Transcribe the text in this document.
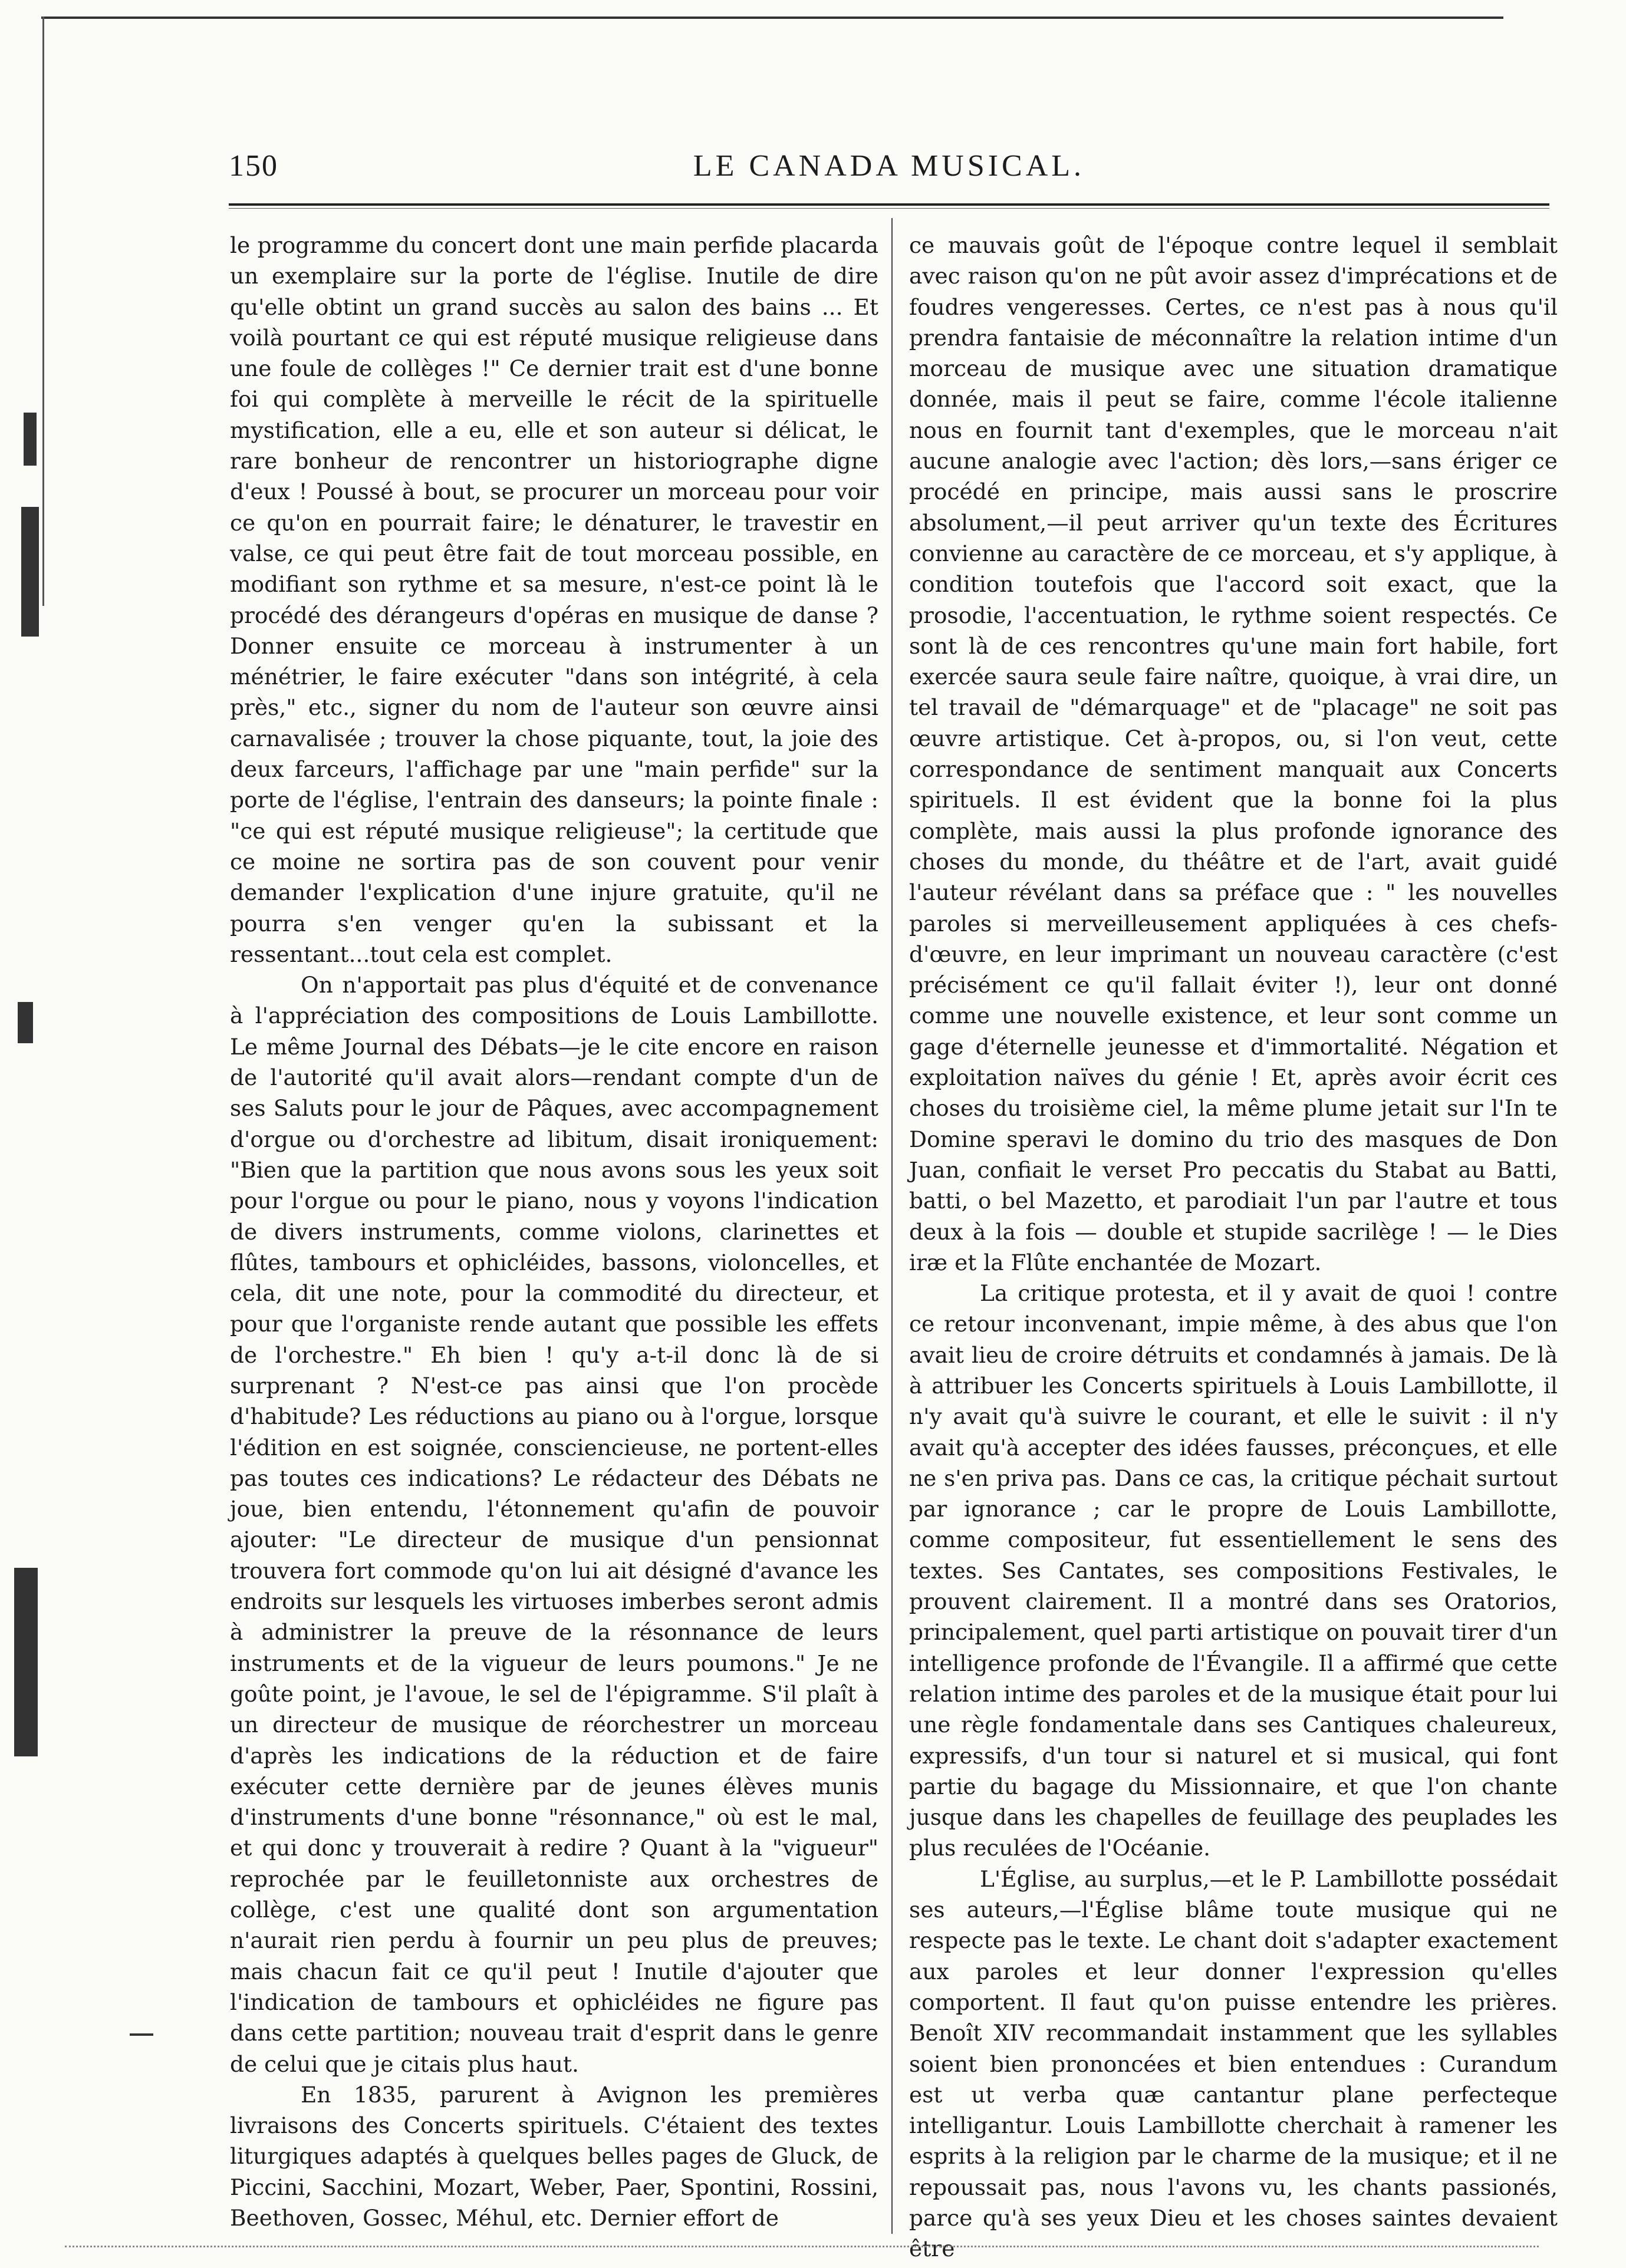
150	LE CANADA MUSICAL.

le programme du concert dont une main perfide placarda un exemplaire sur la porte de l'église. Inutile de dire qu'elle obtint un grand succès au salon des bains ... Et voilà pourtant ce qui est réputé musique religieuse dans une foule de collèges !" Ce dernier trait est d'une bonne foi qui complète à merveille le récit de la spirituelle mystification, elle a eu, elle et son auteur si délicat, le rare bonheur de rencontrer un historiographe digne d'eux ! Poussé à bout, se procurer un morceau pour voir ce qu'on en pourrait faire; le dénaturer, le travestir en valse, ce qui peut être fait de tout morceau possible, en modifiant son rythme et sa mesure, n'est-ce point là le procédé des dérangeurs d'opéras en musique de danse ? Donner ensuite ce morceau à instrumenter à un ménétrier, le faire exécuter "dans son intégrité, à cela près," etc., signer du nom de l'auteur son œuvre ainsi carnavalisée ; trouver la chose piquante, tout, la joie des deux farceurs, l'affichage par une "main perfide" sur la porte de l'église, l'entrain des danseurs; la pointe finale : "ce qui est réputé musique religieuse"; la certitude que ce moine ne sortira pas de son couvent pour venir demander l'explication d'une injure gratuite, qu'il ne pourra s'en venger qu'en la subissant et la ressentant...tout cela est complet.

On n'apportait pas plus d'équité et de convenance à l'appréciation des compositions de Louis Lambillotte. Le même Journal des Débats—je le cite encore en raison de l'autorité qu'il avait alors—rendant compte d'un de ses Saluts pour le jour de Pâques, avec accompagnement d'orgue ou d'orchestre ad libitum, disait ironiquement: "Bien que la partition que nous avons sous les yeux soit pour l'orgue ou pour le piano, nous y voyons l'indication de divers instruments, comme violons, clarinettes et flûtes, tambours et ophicléides, bassons, violoncelles, et cela, dit une note, pour la commodité du directeur, et pour que l'organiste rende autant que possible les effets de l'orchestre." Eh bien ! qu'y a-t-il donc là de si surprenant ? N'est-ce pas ainsi que l'on procède d'habitude? Les réductions au piano ou à l'orgue, lorsque l'édition en est soignée, consciencieuse, ne portent-elles pas toutes ces indications? Le rédacteur des Débats ne joue, bien entendu, l'étonnement qu'afin de pouvoir ajouter: "Le directeur de musique d'un pensionnat trouvera fort commode qu'on lui ait désigné d'avance les endroits sur lesquels les virtuoses imberbes seront admis à administrer la preuve de la résonnance de leurs instruments et de la vigueur de leurs poumons." Je ne goûte point, je l'avoue, le sel de l'épigramme. S'il plaît à un directeur de musique de réorchestrer un morceau d'après les indications de la réduction et de faire exécuter cette dernière par de jeunes élèves munis d'instruments d'une bonne "résonnance," où est le mal, et qui donc y trouverait à redire ? Quant à la "vigueur" reprochée par le feuilletonniste aux orchestres de collège, c'est une qualité dont son argumentation n'aurait rien perdu à fournir un peu plus de preuves; mais chacun fait ce qu'il peut ! Inutile d'ajouter que l'indication de tambours et ophicléides ne figure pas dans cette partition; nouveau trait d'esprit dans le genre de celui que je citais plus haut.

En 1835, parurent à Avignon les premières livraisons des Concerts spirituels. C'étaient des textes liturgiques adaptés à quelques belles pages de Gluck, de Piccini, Sacchini, Mozart, Weber, Paer, Spontini, Rossini, Beethoven, Gossec, Méhul, etc. Dernier effort de

ce mauvais goût de l'époque contre lequel il semblait avec raison qu'on ne pût avoir assez d'imprécations et de foudres vengeresses. Certes, ce n'est pas à nous qu'il prendra fantaisie de méconnaître la relation intime d'un morceau de musique avec une situation dramatique donnée, mais il peut se faire, comme l'école italienne nous en fournit tant d'exemples, que le morceau n'ait aucune analogie avec l'action; dès lors,—sans ériger ce procédé en principe, mais aussi sans le proscrire absolument,—il peut arriver qu'un texte des Écritures convienne au caractère de ce morceau, et s'y applique, à condition toutefois que l'accord soit exact, que la prosodie, l'accentuation, le rythme soient respectés. Ce sont là de ces rencontres qu'une main fort habile, fort exercée saura seule faire naître, quoique, à vrai dire, un tel travail de "démarquage" et de "placage" ne soit pas œuvre artistique. Cet à-propos, ou, si l'on veut, cette correspondance de sentiment manquait aux Concerts spirituels. Il est évident que la bonne foi la plus complète, mais aussi la plus profonde ignorance des choses du monde, du théâtre et de l'art, avait guidé l'auteur révélant dans sa préface que : " les nouvelles paroles si merveilleusement appliquées à ces chefs-d'œuvre, en leur imprimant un nouveau caractère (c'est précisément ce qu'il fallait éviter !), leur ont donné comme une nouvelle existence, et leur sont comme un gage d'éternelle jeunesse et d'immortalité. Négation et exploitation naïves du génie ! Et, après avoir écrit ces choses du troisième ciel, la même plume jetait sur l'In te Domine speravi le domino du trio des masques de Don Juan, confiait le verset Pro peccatis du Stabat au Batti, batti, o bel Mazetto, et parodiait l'un par l'autre et tous deux à la fois — double et stupide sacrilège ! — le Dies iræ et la Flûte enchantée de Mozart.

La critique protesta, et il y avait de quoi ! contre ce retour inconvenant, impie même, à des abus que l'on avait lieu de croire détruits et condamnés à jamais. De là à attribuer les Concerts spirituels à Louis Lambillotte, il n'y avait qu'à suivre le courant, et elle le suivit : il n'y avait qu'à accepter des idées fausses, préconçues, et elle ne s'en priva pas. Dans ce cas, la critique péchait surtout par ignorance ; car le propre de Louis Lambillotte, comme compositeur, fut essentiellement le sens des textes. Ses Cantates, ses compositions Festivales, le prouvent clairement. Il a montré dans ses Oratorios, principalement, quel parti artistique on pouvait tirer d'un intelligence profonde de l'Évangile. Il a affirmé que cette relation intime des paroles et de la musique était pour lui une règle fondamentale dans ses Cantiques chaleureux, expressifs, d'un tour si naturel et si musical, qui font partie du bagage du Missionnaire, et que l'on chante jusque dans les chapelles de feuillage des peuplades les plus reculées de l'Océanie.

L'Église, au surplus,—et le P. Lambillotte possédait ses auteurs,—l'Église blâme toute musique qui ne respecte pas le texte. Le chant doit s'adapter exactement aux paroles et leur donner l'expression qu'elles comportent. Il faut qu'on puisse entendre les prières. Benoît XIV recommandait instamment que les syllables soient bien prononcées et bien entendues : Curandum est ut verba quæ cantantur plane perfecteque intelligantur. Louis Lambillotte cherchait à ramener les esprits à la religion par le charme de la musique; et il ne repoussait pas, nous l'avons vu, les chants passionés, parce qu'à ses yeux Dieu et les choses saintes devaient être
